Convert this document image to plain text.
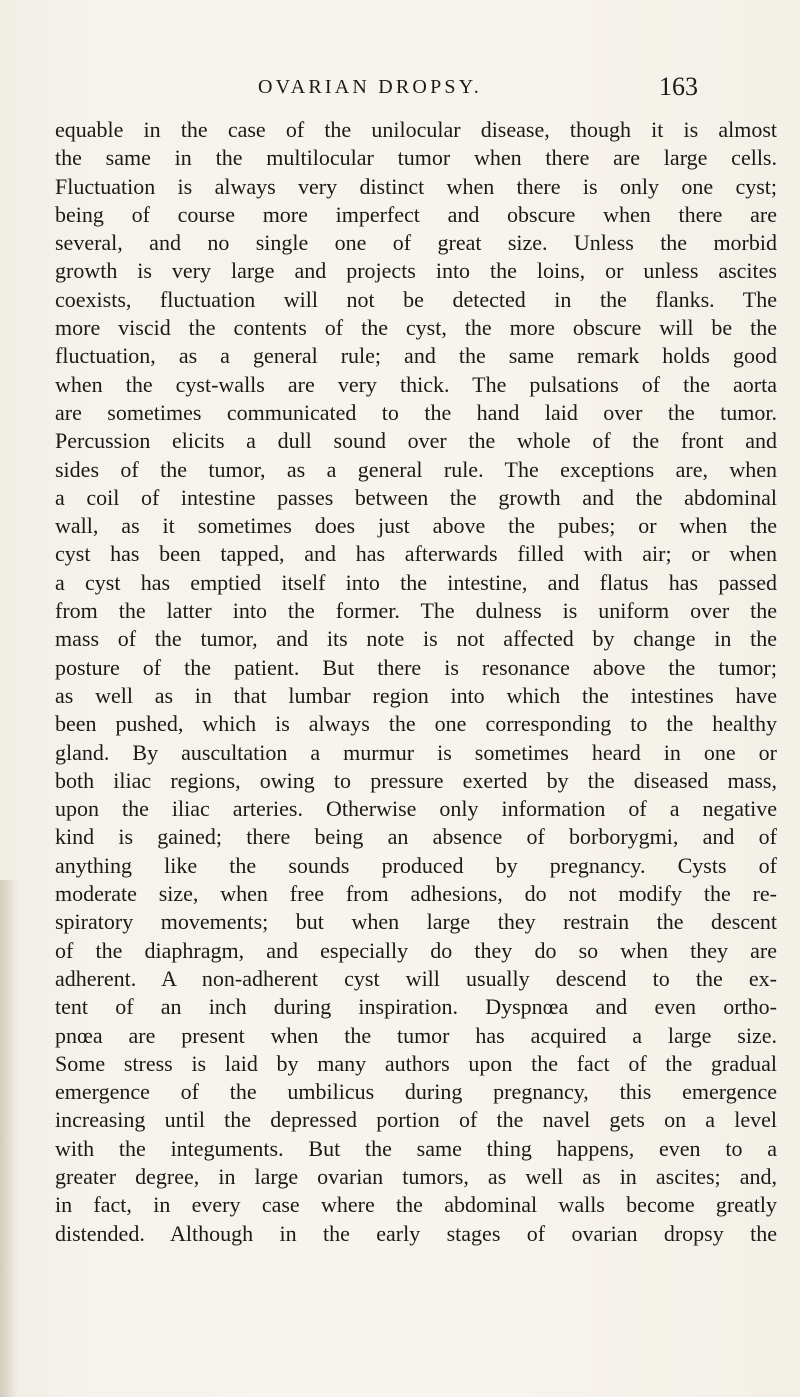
OVARIAN DROPSY.	163
equable in the case of the unilocular disease, though it is almost
the same in the multilocular tumor when there are large cells.
Fluctuation is always very distinct when there is only one cyst;
being of course more imperfect and obscure when there are
several, and no single one of great size. Unless the morbid
growth is very large and projects into the loins, or unless ascites
coexists, fluctuation will not be detected in the flanks. The
more viscid the contents of the cyst, the more obscure will be the
fluctuation, as a general rule; and the same remark holds good
when the cyst-walls are very thick. The pulsations of the aorta
are sometimes communicated to the hand laid over the tumor.
Percussion elicits a dull sound over the whole of the front and
sides of the tumor, as a general rule. The exceptions are, when
a coil of intestine passes between the growth and the abdominal
wall, as it sometimes does just above the pubes; or when the
cyst has been tapped, and has afterwards filled with air; or when
a cyst has emptied itself into the intestine, and flatus has passed
from the latter into the former. The dulness is uniform over the
mass of the tumor, and its note is not affected by change in the
posture of the patient. But there is resonance above the tumor;
as well as in that lumbar region into which the intestines have
been pushed, which is always the one corresponding to the healthy
gland. By auscultation a murmur is sometimes heard in one or
both iliac regions, owing to pressure exerted by the diseased mass,
upon the iliac arteries. Otherwise only information of a negative
kind is gained; there being an absence of borborygmi, and of
anything like the sounds produced by pregnancy. Cysts of
moderate size, when free from adhesions, do not modify the re-
spiratory movements; but when large they restrain the descent
of the diaphragm, and especially do they do so when they are
adherent. A non-adherent cyst will usually descend to the ex-
tent of an inch during inspiration. Dyspnœa and even ortho-
pnœa are present when the tumor has acquired a large size.
Some stress is laid by many authors upon the fact of the gradual
emergence of the umbilicus during pregnancy, this emergence
increasing until the depressed portion of the navel gets on a level
with the integuments. But the same thing happens, even to a
greater degree, in large ovarian tumors, as well as in ascites; and,
in fact, in every case where the abdominal walls become greatly
distended. Although in the early stages of ovarian dropsy the
